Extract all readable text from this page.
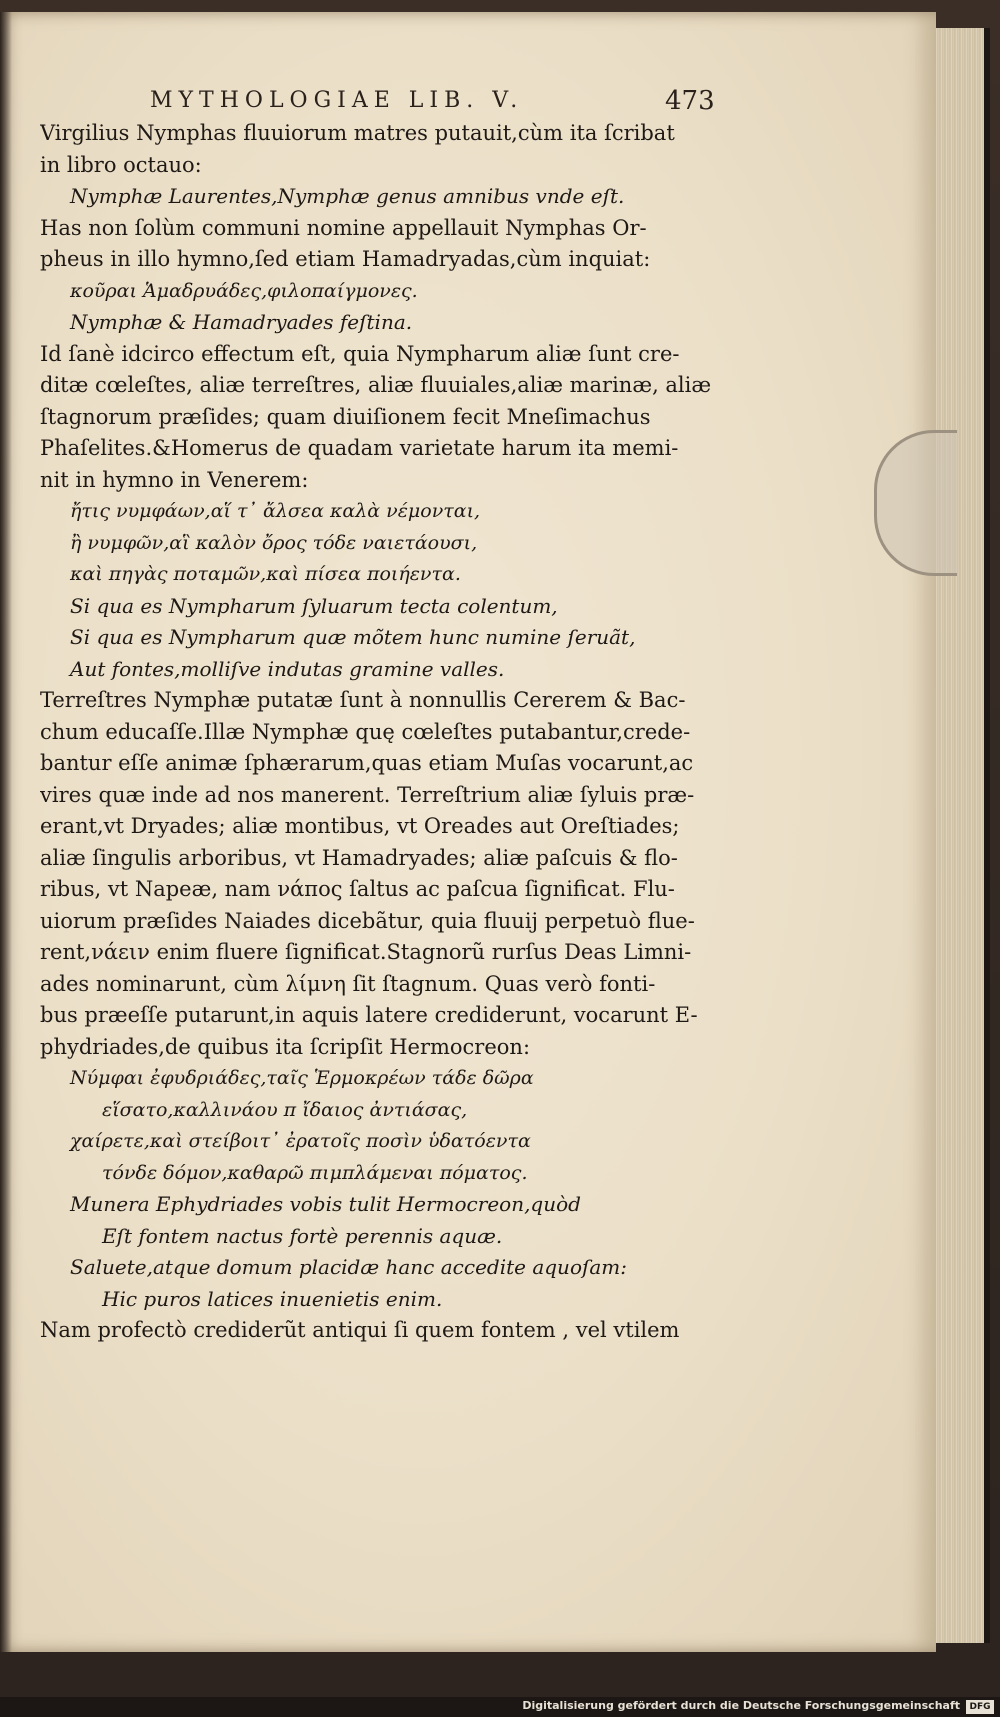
MYTHOLOGIAE LIB. V.	473
Virgilius Nymphas fluuiorum matres putauit,cùm ita ſcribat
in libro octauo:
Nymphæ Laurentes,Nymphæ genus amnibus vnde eſt.
Has non ſolùm communi nomine appellauit Nymphas Or-
pheus in illo hymno,ſed etiam Hamadryadas,cùm inquiat:
κοῦραι Ἁμαδρυάδες,φιλοπαίγμονες.
Nymphæ & Hamadryades feſtina.
Id ſanè idcirco effectum eſt, quia Nympharum aliæ ſunt cre-
ditæ cœleſtes, aliæ terreſtres, aliæ fluuiales,aliæ marinæ, aliæ
ſtagnorum præſides; quam diuiſionem fecit Mneſimachus
Phaſelites.&Homerus de quadam varietate harum ita memi-
nit in hymno in Venerem:
ἤτις νυμφάων,αἵ τ᾽ ἄλσεα καλὰ νέμονται,
ἢ νυμφῶν,αἳ καλὸν ὄρος τόδε ναιετάουσι,
καὶ πηγὰς ποταμῶν,καὶ πίσεα ποιήεντα.
Si qua es Nympharum ſyluarum tecta colentum,
Si qua es Nympharum quæ mõtem hunc numine ſeruãt,
Aut fontes,molliſve indutas gramine valles.
Terreſtres Nymphæ putatæ ſunt à nonnullis Cererem & Bac-
chum educaſſe.Illæ Nymphæ quę cœleſtes putabantur,crede-
bantur eſſe animæ ſphærarum,quas etiam Muſas vocarunt,ac
vires quæ inde ad nos manerent. Terreſtrium aliæ ſyluis præ-
erant,vt Dryades; aliæ montibus, vt Oreades aut Oreſtiades;
aliæ ſingulis arboribus, vt Hamadryades; aliæ paſcuis & flo-
ribus, vt Napeæ, nam νάπος ſaltus ac paſcua ſignificat. Flu-
uiorum præſides Naiades dicebãtur, quia fluuij perpetuò flue-
rent,νάειν enim fluere ſignificat.Stagnorũ rurſus Deas Limni-
ades nominarunt, cùm λίμνη ſit ſtagnum. Quas verò fonti-
bus præeſſe putarunt,in aquis latere crediderunt, vocarunt E-
phydriades,de quibus ita ſcripſit Hermocreon:
Νύμφαι ἐφυδριάδες,ταῖς Ἑρμοκρέων τάδε δῶρα
εἵσατο,καλλινάου π ἴδαιος ἀντιάσας,
χαίρετε,καὶ στείβοιτ᾽ ἐρατοῖς ποσὶν ὑδατόεντα
τόνδε δόμον,καθαρῶ πιμπλάμεναι πόματος.
Munera Ephydriades vobis tulit Hermocreon,quòd
Eſt fontem nactus fortè perennis aquæ.
Saluete,atque domum placidæ hanc accedite aquoſam:
Hic puros latices inuenietis enim.
Nam profectò crediderũt antiqui ſi quem fontem , vel vtilem
Digitalisierung gefördert durch die Deutsche Forschungsgemeinschaft	DFG
